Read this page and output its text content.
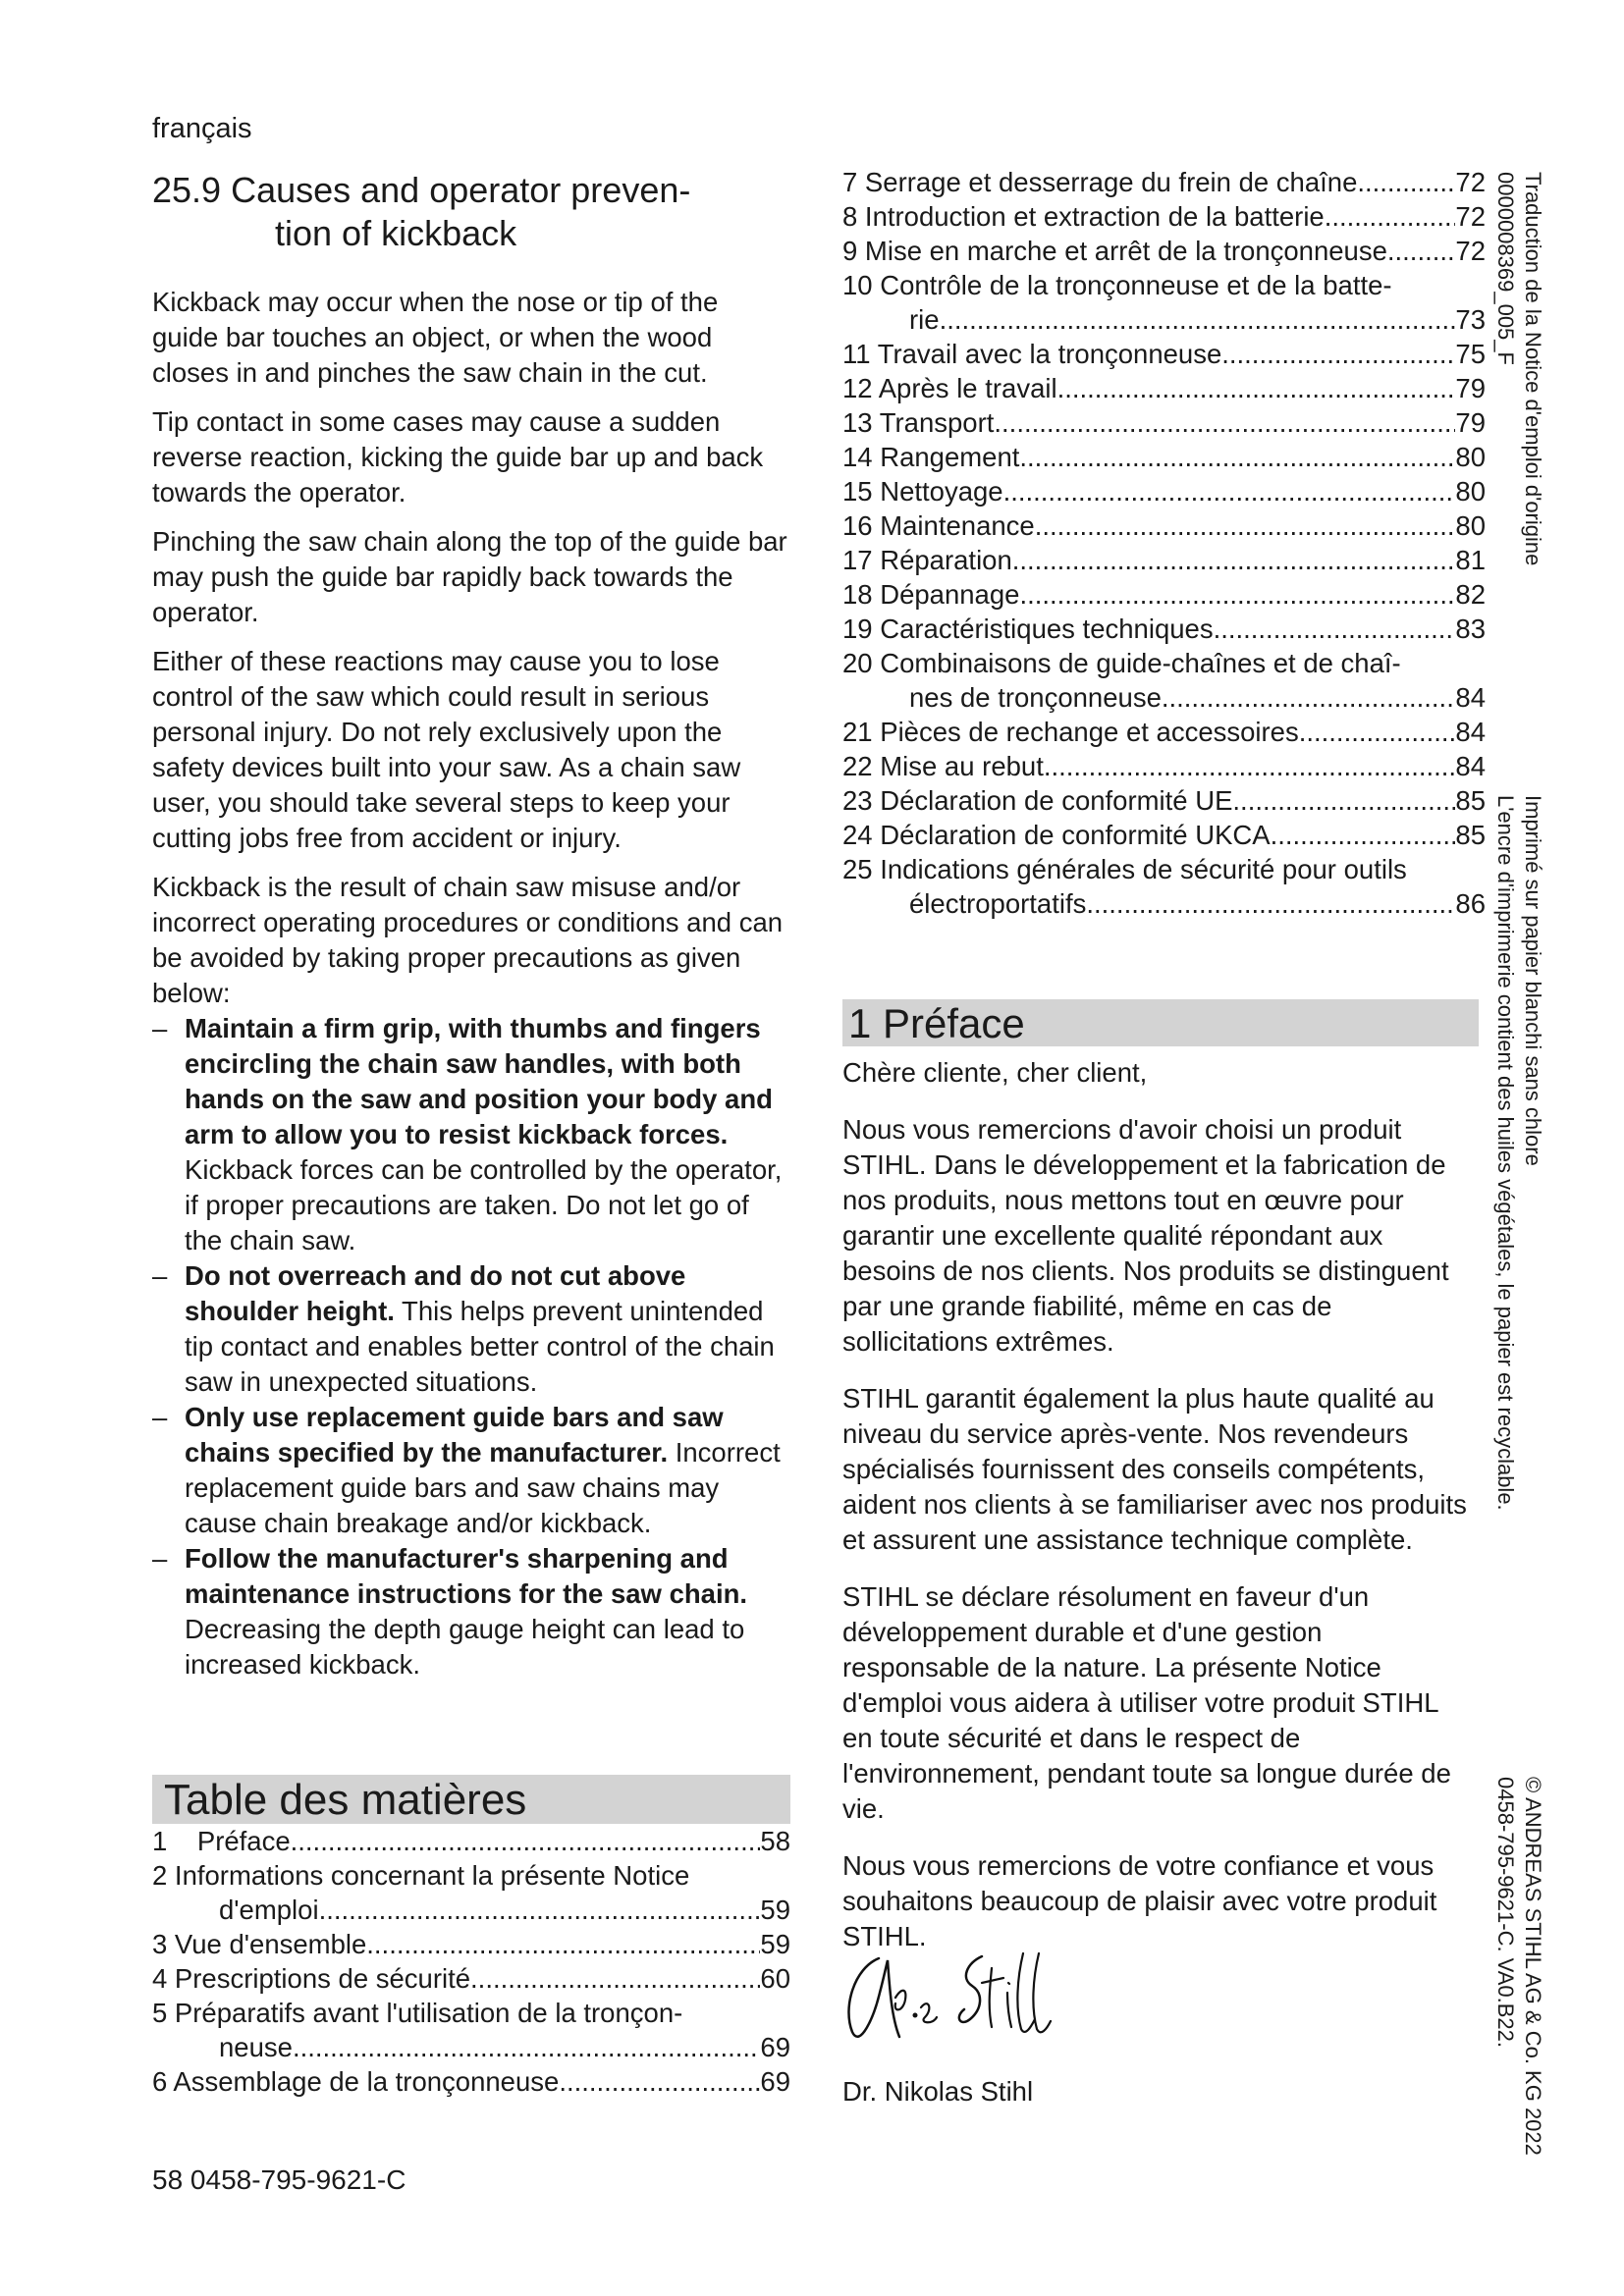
français
25.9 Causes and operator preven-
tion of kickback

Kickback may occur when the nose or tip of the guide bar touches an object, or when the wood closes in and pinches the saw chain in the cut.

Tip contact in some cases may cause a sudden reverse reaction, kicking the guide bar up and back towards the operator.

Pinching the saw chain along the top of the guide bar may push the guide bar rapidly back towards the operator.

Either of these reactions may cause you to lose control of the saw which could result in serious personal injury. Do not rely exclusively upon the safety devices built into your saw. As a chain saw user, you should take several steps to keep your cutting jobs free from accident or injury.

Kickback is the result of chain saw misuse and/or incorrect operating procedures or conditions and can be avoided by taking proper precautions as given below:

– Maintain a firm grip, with thumbs and fingers encircling the chain saw handles, with both hands on the saw and position your body and arm to allow you to resist kickback forces. Kickback forces can be controlled by the operator, if proper precautions are taken. Do not let go of the chain saw.
– Do not overreach and do not cut above shoulder height. This helps prevent unintended tip contact and enables better control of the chain saw in unexpected situations.
– Only use replacement guide bars and saw chains specified by the manufacturer. Incorrect replacement guide bars and saw chains may cause chain breakage and/or kickback.
– Follow the manufacturer's sharpening and maintenance instructions for the saw chain. Decreasing the depth gauge height can lead to increased kickback.
Table des matières
1    Préface .....	58
2 Informations concernant la présente Notice
d'emploi .....	59
3 Vue d'ensemble .....	59
4 Prescriptions de sécurité .....	60
5 Préparatifs avant l'utilisation de la tronçon-
neuse .....	69
6 Assemblage de la tronçonneuse .....	69
7 Serrage et desserrage du frein de chaîne .....	72
8 Introduction et extraction de la batterie .....	72
9 Mise en marche et arrêt de la tronçonneuse .....	72
10 Contrôle de la tronçonneuse et de la batte-
rie .....	73
11 Travail avec la tronçonneuse .....	75
12 Après le travail .....	79
13 Transport .....	79
14 Rangement .....	80
15 Nettoyage .....	80
16 Maintenance .....	80
17 Réparation .....	81
18 Dépannage .....	82
19 Caractéristiques techniques .....	83
20 Combinaisons de guide-chaînes et de chaî-
nes de tronçonneuse .....	84
21 Pièces de rechange et accessoires .....	84
22 Mise au rebut .....	84
23 Déclaration de conformité UE .....	85
24 Déclaration de conformité UKCA .....	85
25 Indications générales de sécurité pour outils
électroportatifs .....	86
1 Préface

Chère cliente, cher client,

Nous vous remercions d'avoir choisi un produit STIHL. Dans le développement et la fabrication de nos produits, nous mettons tout en œuvre pour garantir une excellente qualité répondant aux besoins de nos clients. Nos produits se distinguent par une grande fiabilité, même en cas de sollicitations extrêmes.

STIHL garantit également la plus haute qualité au niveau du service après-vente. Nos revendeurs spécialisés fournissent des conseils compétents, aident nos clients à se familiariser avec nos produits et assurent une assistance technique complète.

STIHL se déclare résolument en faveur d'un développement durable et d'une gestion responsable de la nature. La présente Notice d'emploi vous aidera à utiliser votre produit STIHL en toute sécurité et dans le respect de l'environnement, pendant toute sa longue durée de vie.

Nous vous remercions de votre confiance et vous souhaitons beaucoup de plaisir avec votre produit STIHL.

Dr. Nikolas Stihl
58 0458-795-9621-C
Traduction de la Notice d'emploi d'origine
0000008369_005_F
Imprimé sur papier blanchi sans chlore
L'encre d'imprimerie contient des huiles végétales, le papier est recyclable.
© ANDREAS STIHL AG & Co. KG 2022
0458-795-9621-C. VA0.B22.
